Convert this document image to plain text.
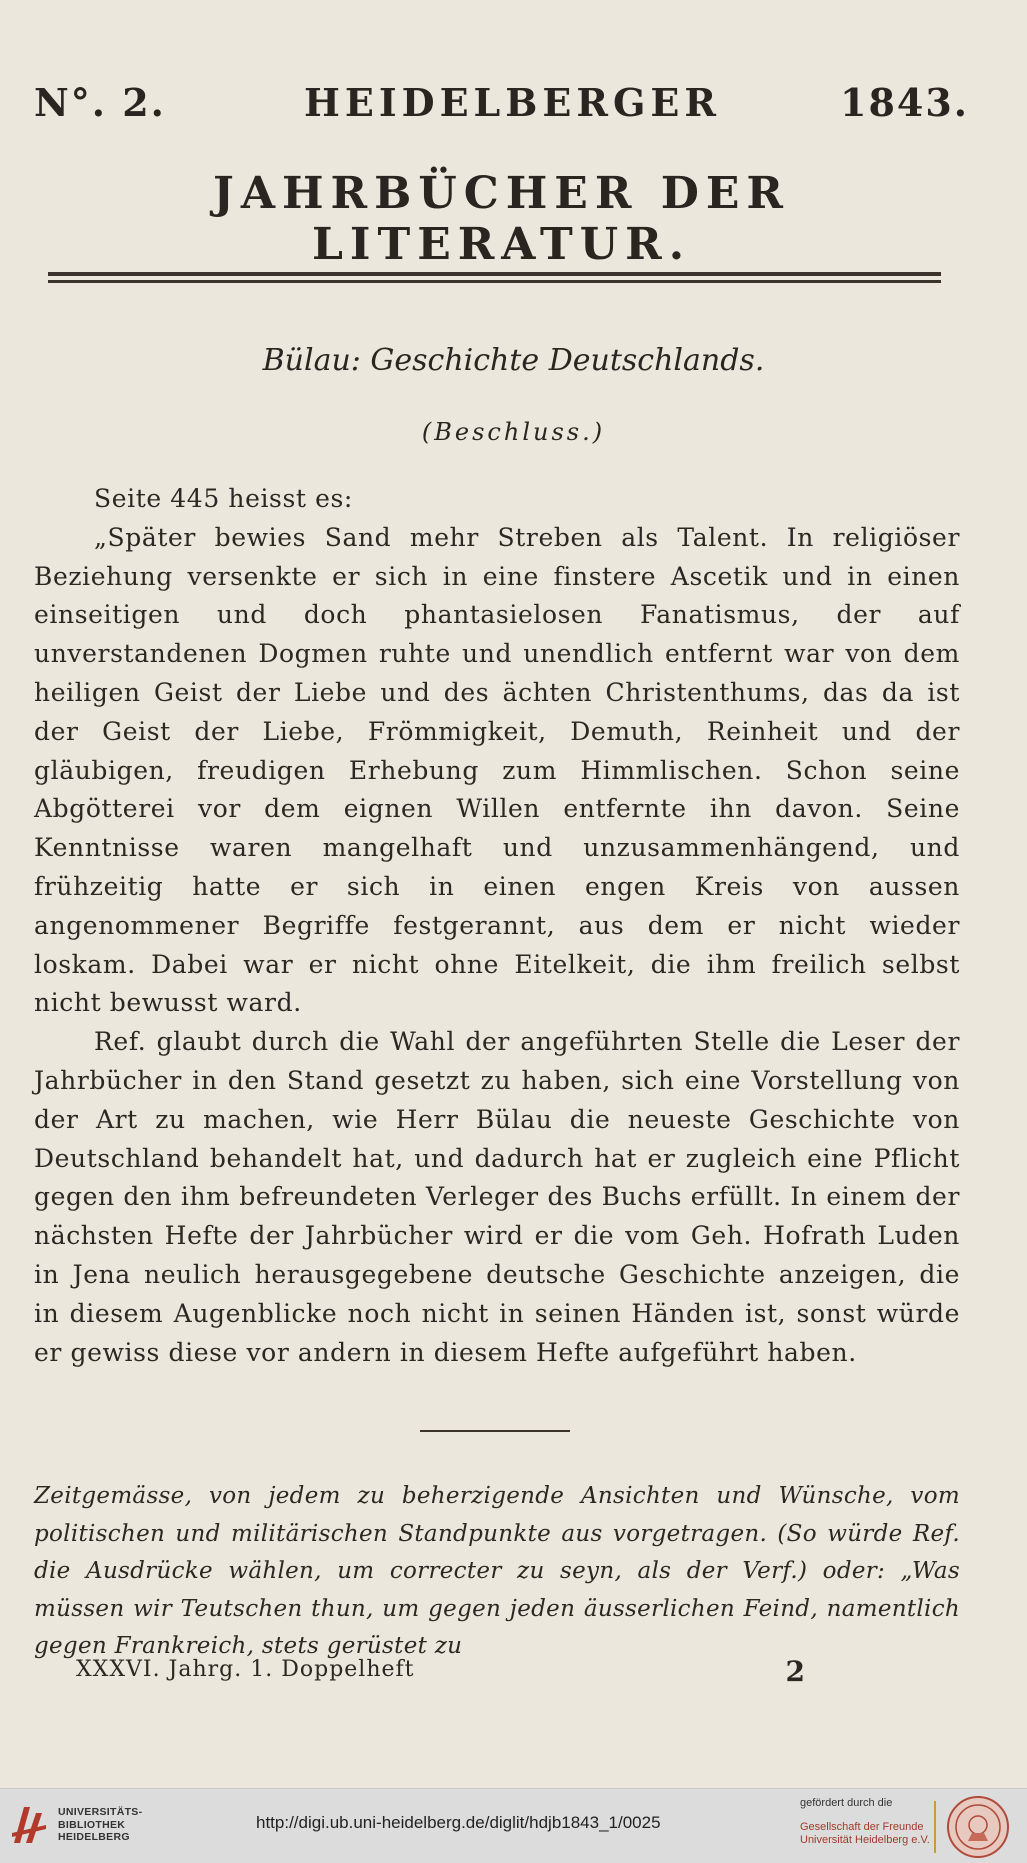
N°. 2.	HEIDELBERGER	1843.
JAHRBÜCHER DER LITERATUR.
Bülau: Geschichte Deutschlands.
(Beschluss.)

Seite 445 heisst es:

„Später bewies Sand mehr Streben als Talent. In religiöser Beziehung versenkte er sich in eine finstere Ascetik und in einen einseitigen und doch phantasielosen Fanatismus, der auf unverstandenen Dogmen ruhte und unendlich entfernt war von dem heiligen Geist der Liebe und des ächten Christenthums, das da ist der Geist der Liebe, Frömmigkeit, Demuth, Reinheit und der gläubigen, freudigen Erhebung zum Himmlischen. Schon seine Abgötterei vor dem eignen Willen entfernte ihn davon. Seine Kenntnisse waren mangelhaft und unzusammenhängend, und frühzeitig hatte er sich in einen engen Kreis von aussen angenommener Begriffe festgerannt, aus dem er nicht wieder loskam. Dabei war er nicht ohne Eitelkeit, die ihm freilich selbst nicht bewusst ward.

Ref. glaubt durch die Wahl der angeführten Stelle die Leser der Jahrbücher in den Stand gesetzt zu haben, sich eine Vorstellung von der Art zu machen, wie Herr Bülau die neueste Geschichte von Deutschland behandelt hat, und dadurch hat er zugleich eine Pflicht gegen den ihm befreundeten Verleger des Buchs erfüllt. In einem der nächsten Hefte der Jahrbücher wird er die vom Geh. Hofrath Luden in Jena neulich herausgegebene deutsche Geschichte anzeigen, die in diesem Augenblicke noch nicht in seinen Händen ist, sonst würde er gewiss diese vor andern in diesem Hefte aufgeführt haben.

Zeitgemässe, von jedem zu beherzigende Ansichten und Wünsche, vom politischen und militärischen Standpunkte aus vorgetragen. (So würde Ref. die Ausdrücke wählen, um correcter zu seyn, als der Verf.) oder: „Was müssen wir Teutschen thun, um gegen jeden äusserlichen Feind, namentlich gegen Frankreich, stets gerüstet zu
XXXVI. Jahrg. 1. Doppelheft	2
UNIVERSITÄTS-
BIBLIOTHEK
HEIDELBERG
http://digi.ub.uni-heidelberg.de/diglit/hdjb1843_1/0025
gefördert durch die
Gesellschaft der Freunde
Universität Heidelberg e.V.
